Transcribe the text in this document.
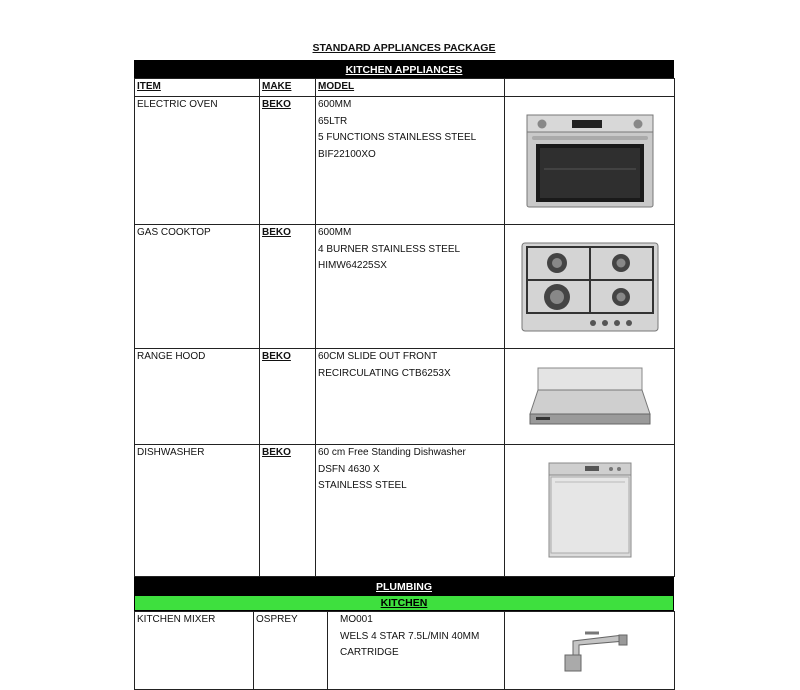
STANDARD APPLIANCES PACKAGE
KITCHEN APPLIANCES
ITEM	MAKE	MODEL	
ELECTRIC OVEN	BEKO	600MM
65LTR
5 FUNCTIONS STAINLESS STEEL
BIF22100XO	

GAS COOKTOP	BEKO	600MM
4 BURNER STAINLESS STEEL
HIMW64225SX	

RANGE HOOD	BEKO	60CM SLIDE OUT FRONT
RECIRCULATING CTB6253X	

DISHWASHER	BEKO	60 cm Free Standing Dishwasher
DSFN 4630 X
STAINLESS STEEL	

PLUMBING
KITCHEN
KITCHEN MIXER	OSPREY	MO001
WELS 4 STAR 7.5L/MIN 40MM
CARTRIDGE	
